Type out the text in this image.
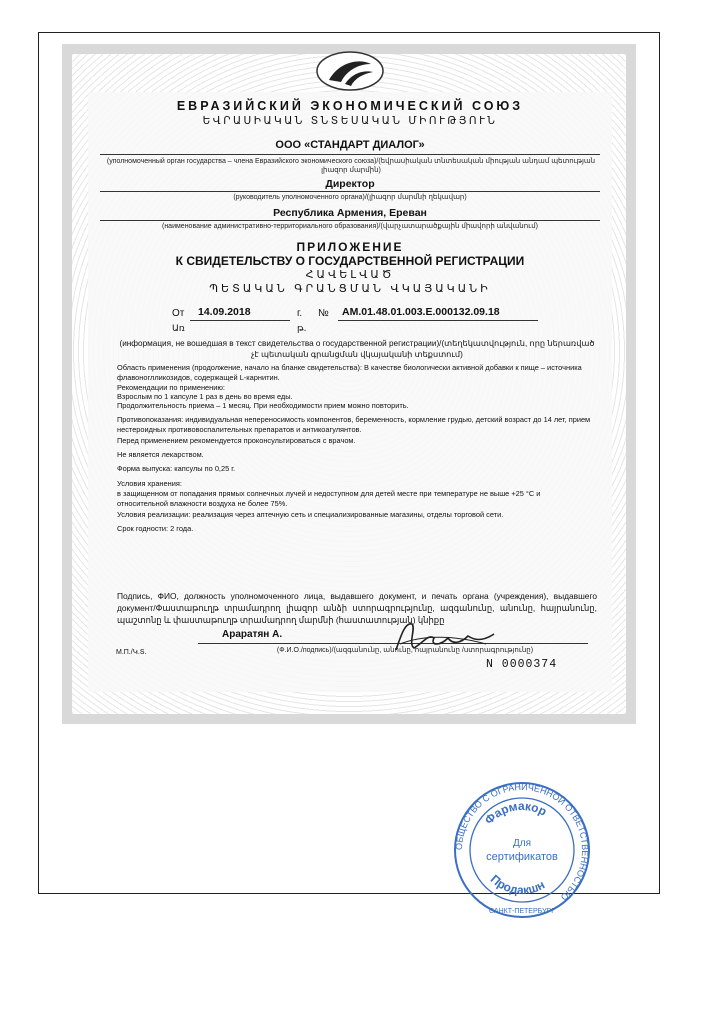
ЕВРАЗИЙСКИЙ ЭКОНОМИЧЕСКИЙ СОЮЗ
ԵՎՐԱՍԻԱԿԱՆ ՏՆՏԵՍԱԿԱՆ ՄԻՈՒԹՅՈՒՆ
ООО «СТАНДАРТ ДИАЛОГ»
(уполномоченный орган государства – члена Евразийского экономического союза)/(եվրասիական տնտեսական միության անդամ պետության լիազոր մարմին)
Директор
(руководитель уполномоченного органа)/(լիազոր մարմնի ղեկավար)
Республика Армения, Ереван
(наименование административно-территориального образования)/(վարչատարածքային միավորի անվանում)
ПРИЛОЖЕНИЕ
К СВИДЕТЕЛЬСТВУ О ГОСУДАРСТВЕННОЙ РЕГИСТРАЦИИ
ՀԱՎԵԼՎԱԾ
ՊԵՏԱԿԱՆ ԳՐԱՆՑՄԱՆ ՎԿԱՅԱԿԱՆԻ
От 14.09.2018	г. № AM.01.48.01.003.E.000132.09.18
Առ	թ.
(информация, не вошедшая в текст свидетельства о государственной регистрации)/(տեղեկատվություն, որը ներառված չէ պետական գրանցման վկայականի տեքստում)
Область применения (продолжение, начало на бланке свидетельства): В качестве биологически активной добавки к пище – источника флавоноглликозидов, содержащей L-карнитин.
Рекомендации по применению:
Взрослым по 1 капсуле 1 раз в день во время еды.
Продолжительность приема – 1 месяц. При необходимости прием можно повторить.
Противопоказания: индивидуальная непереносимость компонентов, беременность, кормление грудью, детский возраст до 14 лет, прием нестероидных противовоспалительных препаратов и антикоагулянтов.
Перед применением рекомендуется проконсультироваться с врачом.
Не является лекарством.
Форма выпуска: капсулы по 0,25 г.
Условия хранения:
в защищенном от попадания прямых солнечных лучей и недоступном для детей месте при температуре не выше +25 °С и относительной влажности воздуха не более 75%.
Условия реализации: реализация через аптечную сеть и специализированные магазины, отделы торговой сети.
Срок годности: 2 года.
Подпись, ФИО, должность уполномоченного лица, выдавшего документ, и печать органа (учреждения), выдавшего документ/Փաստաթուղթ տրամադրող լիազոր անձի ստորագրությունը, ազգանունը, անունը, հայրանունը, պաշտոնը և փաստաթուղթ տրամադրող մարմնի (հաստատության) կնիքը
Араратян А.
(Ф.И.О./подпись)/(ազգանունը, անունը, հայրանունը /ստորագրությունը)
М.П./Կ.Տ.
N 0000374
ОБЩЕСТВО С ОГРАНИЧЕННОЙ ОТВЕТСТВЕННОСТЬЮ
Фармакор
Для
сертификатов
Продакшн
САНКТ-ПЕТЕРБУРГ
